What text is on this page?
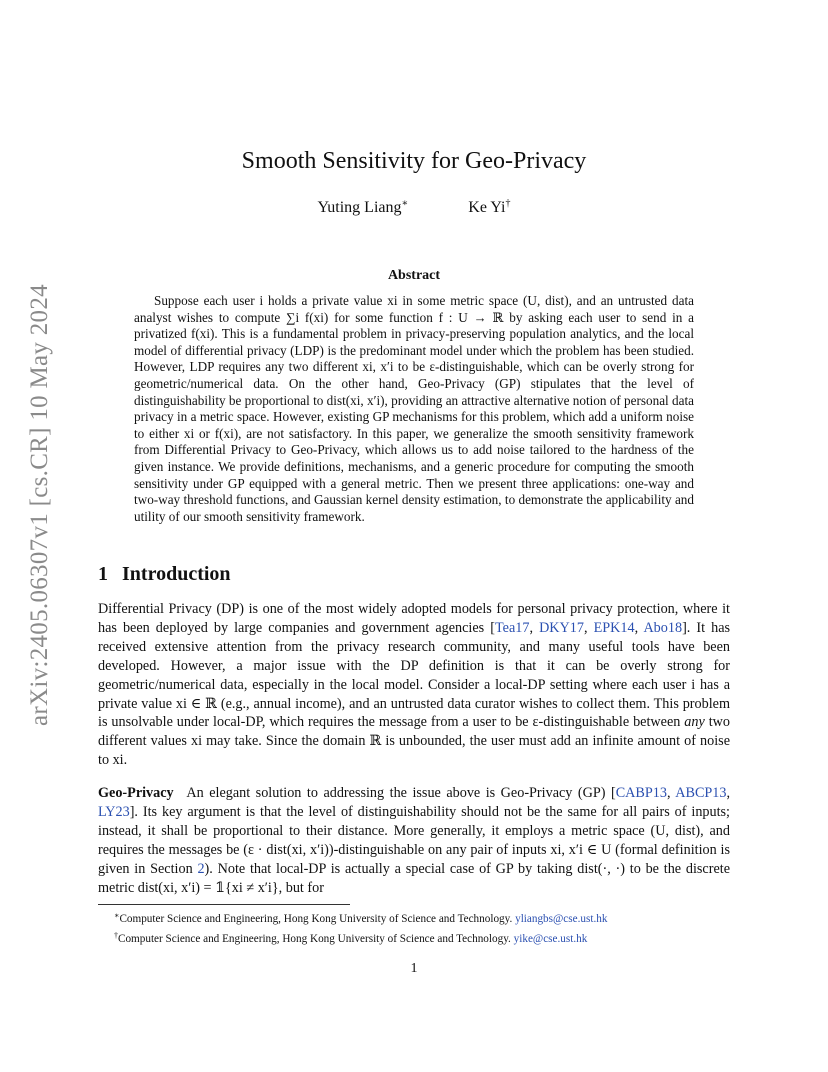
arXiv:2405.06307v1 [cs.CR] 10 May 2024
Smooth Sensitivity for Geo-Privacy
Yuting Liang∗	Ke Yi†
Abstract
Suppose each user i holds a private value xi in some metric space (U, dist), and an untrusted data analyst wishes to compute ∑i f(xi) for some function f : U → ℝ by asking each user to send in a privatized f(xi). This is a fundamental problem in privacy-preserving population analytics, and the local model of differential privacy (LDP) is the predominant model under which the problem has been studied. However, LDP requires any two different xi, x′i to be ε-distinguishable, which can be overly strong for geometric/numerical data. On the other hand, Geo-Privacy (GP) stipulates that the level of distinguishability be proportional to dist(xi, x′i), providing an attractive alternative notion of personal data privacy in a metric space. However, existing GP mechanisms for this problem, which add a uniform noise to either xi or f(xi), are not satisfactory. In this paper, we generalize the smooth sensitivity framework from Differential Privacy to Geo-Privacy, which allows us to add noise tailored to the hardness of the given instance. We provide definitions, mechanisms, and a generic procedure for computing the smooth sensitivity under GP equipped with a general metric. Then we present three applications: one-way and two-way threshold functions, and Gaussian kernel density estimation, to demonstrate the applicability and utility of our smooth sensitivity framework.
1 Introduction
Differential Privacy (DP) is one of the most widely adopted models for personal privacy protection, where it has been deployed by large companies and government agencies [Tea17, DKY17, EPK14, Abo18]. It has received extensive attention from the privacy research community, and many useful tools have been developed. However, a major issue with the DP definition is that it can be overly strong for geometric/numerical data, especially in the local model. Consider a local-DP setting where each user i has a private value xi ∈ ℝ (e.g., annual income), and an untrusted data curator wishes to collect them. This problem is unsolvable under local-DP, which requires the message from a user to be ε-distinguishable between any two different values xi may take. Since the domain ℝ is unbounded, the user must add an infinite amount of noise to xi.
Geo-Privacy An elegant solution to addressing the issue above is Geo-Privacy (GP) [CABP13, ABCP13, LY23]. Its key argument is that the level of distinguishability should not be the same for all pairs of inputs; instead, it shall be proportional to their distance. More generally, it employs a metric space (U, dist), and requires the messages be (ε · dist(xi, x′i))-distinguishable on any pair of inputs xi, x′i ∈ U (formal definition is given in Section 2). Note that local-DP is actually a special case of GP by taking dist(·, ·) to be the discrete metric dist(xi, x′i) = 𝟙{xi ≠ x′i}, but for
∗Computer Science and Engineering, Hong Kong University of Science and Technology. yliangbs@cse.ust.hk
†Computer Science and Engineering, Hong Kong University of Science and Technology. yike@cse.ust.hk
1
